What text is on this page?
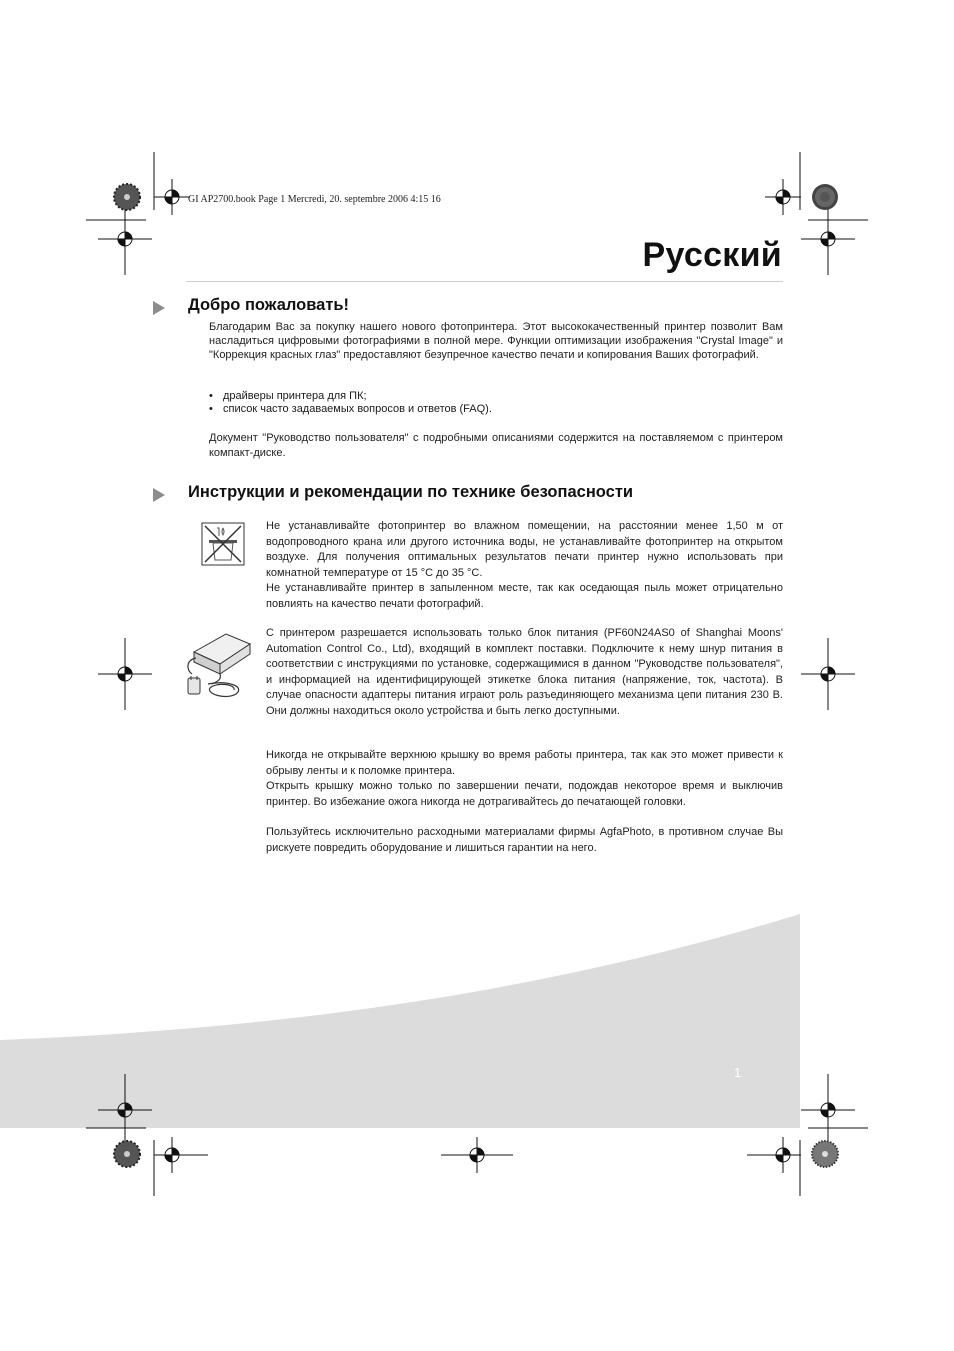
GI AP2700.book Page 1 Mercredi, 20. septembre 2006 4:15 16
Русский
Добро пожаловать!
Благодарим Вас за покупку нашего нового фотопринтера. Этот высококачественный принтер позволит Вам насладиться цифровыми фотографиями в полной мере. Функции оптимизации изображения "Crystal Image" и "Коррекция красных глаз" предоставляют безупречное качество печати и копирования Ваших фотографий.
• драйверы принтера для ПК;
• список часто задаваемых вопросов и ответов (FAQ).
Документ "Руководство пользователя" с подробными описаниями содержится на поставляемом с принтером компакт-диске.
Инструкции и рекомендации по технике безопасности
Не устанавливайте фотопринтер во влажном помещении, на расстоянии менее 1,50 м от водопроводного крана или другого источника воды, не устанавливайте фотопринтер на открытом воздухе. Для получения оптимальных результатов печати принтер нужно использовать при комнатной температуре от 15 °C до 35 °C.
Не устанавливайте принтер в запыленном месте, так как оседающая пыль может отрицательно повлиять на качество печати фотографий.
С принтером разрешается использовать только блок питания (PF60N24AS0 of Shanghai Moons' Automation Control Co., Ltd), входящий в комплект поставки. Подключите к нему шнур питания в соответствии с инструкциями по установке, содержащимися в данном "Руководстве пользователя", и информацией на идентифицирующей этикетке блока питания (напряжение, ток, частота). В случае опасности адаптеры питания играют роль разъединяющего механизма цепи питания 230 В. Они должны находиться около устройства и быть легко доступными.
Никогда не открывайте верхнюю крышку во время работы принтера, так как это может привести к обрыву ленты и к поломке принтера.
Открыть крышку можно только по завершении печати, подождав некоторое время и выключив принтер. Во избежание ожога никогда не дотрагивайтесь до печатающей головки.
Пользуйтесь исключительно расходными материалами фирмы AgfaPhoto, в противном случае Вы рискуете повредить оборудование и лишиться гарантии на него.
1
